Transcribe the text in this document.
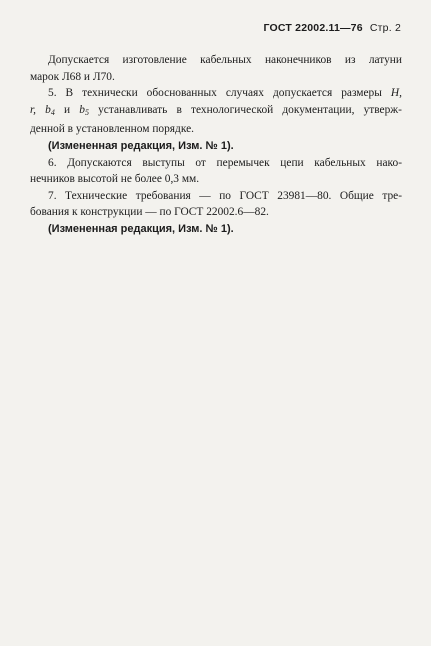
ГОСТ 22002.11—76 Стр. 2
Допускается изготовление кабельных наконечников из латуни
марок Л68 и Л70.
5. В технически обоснованных случаях допускается размеры H,
r, $b_4$ и $b_5$ устанавливать в технологической документации, утверж-
денной в установленном порядке.
(Измененная редакция, Изм. № 1).
6. Допускаются выступы от перемычек цепи кабельных нако-
нечников высотой не более 0,3 мм.
7. Технические требования — по ГОСТ 23981—80. Общие тре-
бования к конструкции — по ГОСТ 22002.6—82.
(Измененная редакция, Изм. № 1).
